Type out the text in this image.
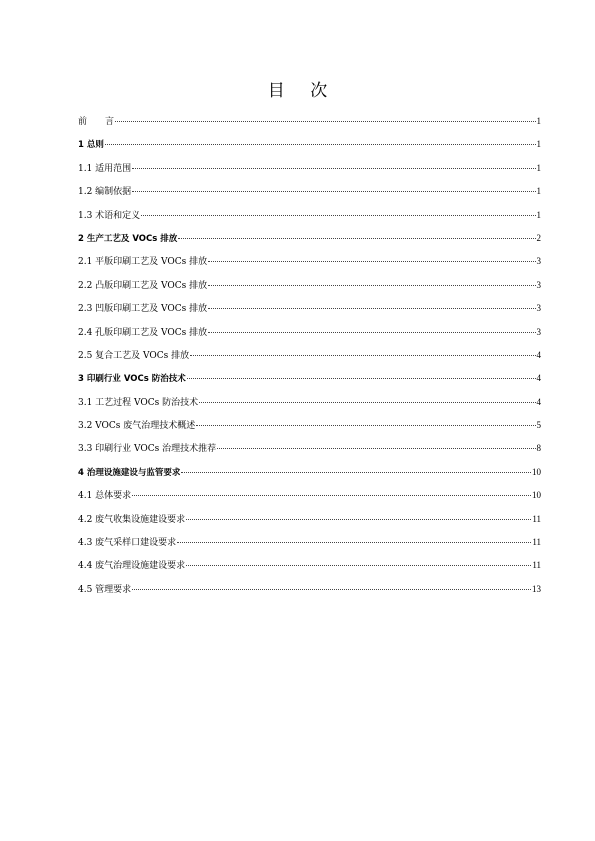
目 次
前　　言	1
1 总则	1
1.1 适用范围	1
1.2 编制依据	1
1.3 术语和定义	1
2 生产工艺及 VOCs 排放	2
2.1 平版印刷工艺及 VOCs 排放	3
2.2 凸版印刷工艺及 VOCs 排放	3
2.3 凹版印刷工艺及 VOCs 排放	3
2.4 孔版印刷工艺及 VOCs 排放	3
2.5 复合工艺及 VOCs 排放	4
3 印刷行业 VOCs 防治技术	4
3.1 工艺过程 VOCs 防治技术	4
3.2 VOCs 废气治理技术概述	5
3.3 印刷行业 VOCs 治理技术推荐	8
4 治理设施建设与监管要求	10
4.1 总体要求	10
4.2 废气收集设施建设要求	11
4.3 废气采样口建设要求	11
4.4 废气治理设施建设要求	11
4.5 管理要求	13
